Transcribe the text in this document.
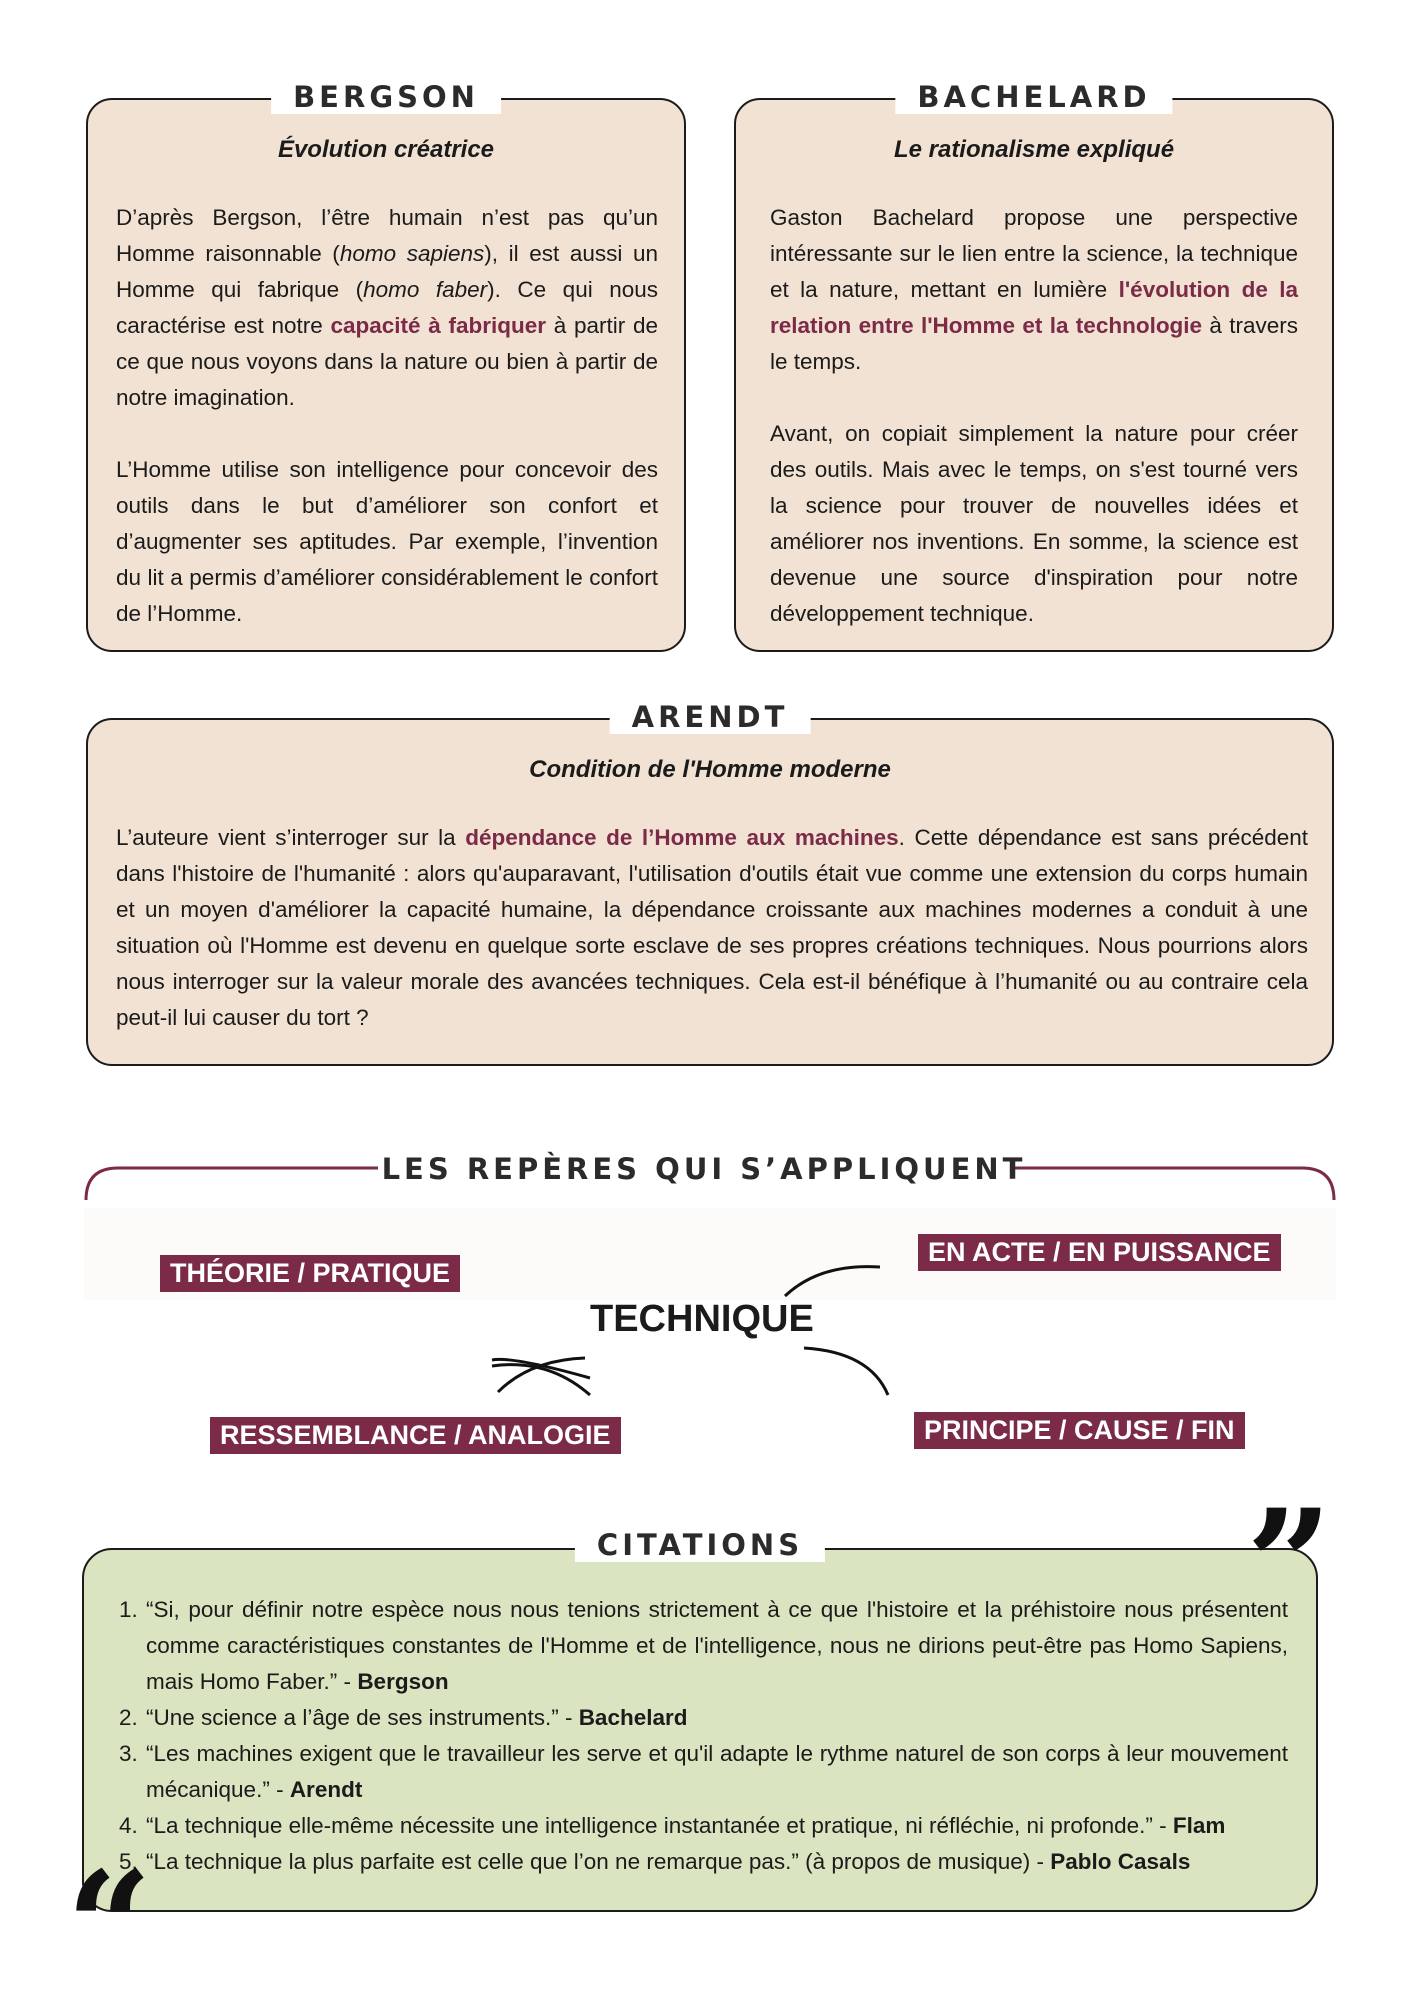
BERGSON
Évolution créatrice

D’après Bergson, l’être humain n’est pas qu’un Homme raisonnable (homo sapiens), il est aussi un Homme qui fabrique (homo faber). Ce qui nous caractérise est notre capacité à fabriquer à partir de ce que nous voyons dans la nature ou bien à partir de notre imagination.

L’Homme utilise son intelligence pour concevoir des outils dans le but d’améliorer son confort et d’augmenter ses aptitudes. Par exemple, l’invention du lit a permis d’améliorer considérablement le confort de l’Homme.

BACHELARD
Le rationalisme expliqué

Gaston Bachelard propose une perspective intéressante sur le lien entre la science, la technique et la nature, mettant en lumière l'évolution de la relation entre l'Homme et la technologie à travers le temps.

Avant, on copiait simplement la nature pour créer des outils. Mais avec le temps, on s'est tourné vers la science pour trouver de nouvelles idées et améliorer nos inventions. En somme, la science est devenue une source d'inspiration pour notre développement technique.

ARENDT
Condition de l'Homme moderne

L’auteure vient s’interroger sur la dépendance de l’Homme aux machines. Cette dépendance est sans précédent dans l'histoire de l'humanité : alors qu'auparavant, l'utilisation d'outils était vue comme une extension du corps humain et un moyen d'améliorer la capacité humaine, la dépendance croissante aux machines modernes a conduit à une situation où l'Homme est devenu en quelque sorte esclave de ses propres créations techniques. Nous pourrions alors nous interroger sur la valeur morale des avancées techniques. Cela est-il bénéfique à l’humanité ou au contraire cela peut-il lui causer du tort ?

LES REPÈRES QUI S’APPLIQUENT
THÉORIE / PRATIQUE
EN ACTE / EN PUISSANCE
TECHNIQUE
RESSEMBLANCE / ANALOGIE	PRINCIPE / CAUSE / FIN
CITATIONS
1. “Si, pour définir notre espèce nous nous tenions strictement à ce que l'histoire et la préhistoire nous présentent comme caractéristiques constantes de l'Homme et de l'intelligence, nous ne dirions peut-être pas Homo Sapiens, mais Homo Faber.” - Bergson
2. “Une science a l’âge de ses instruments.” - Bachelard
3. “Les machines exigent que le travailleur les serve et qu'il adapte le rythme naturel de son corps à leur mouvement mécanique.” - Arendt
4. “La technique elle-même nécessite une intelligence instantanée et pratique, ni réfléchie, ni profonde.” - Flam
5. “La technique la plus parfaite est celle que l’on ne remarque pas.” (à propos de musique) - Pablo Casals
”
“
